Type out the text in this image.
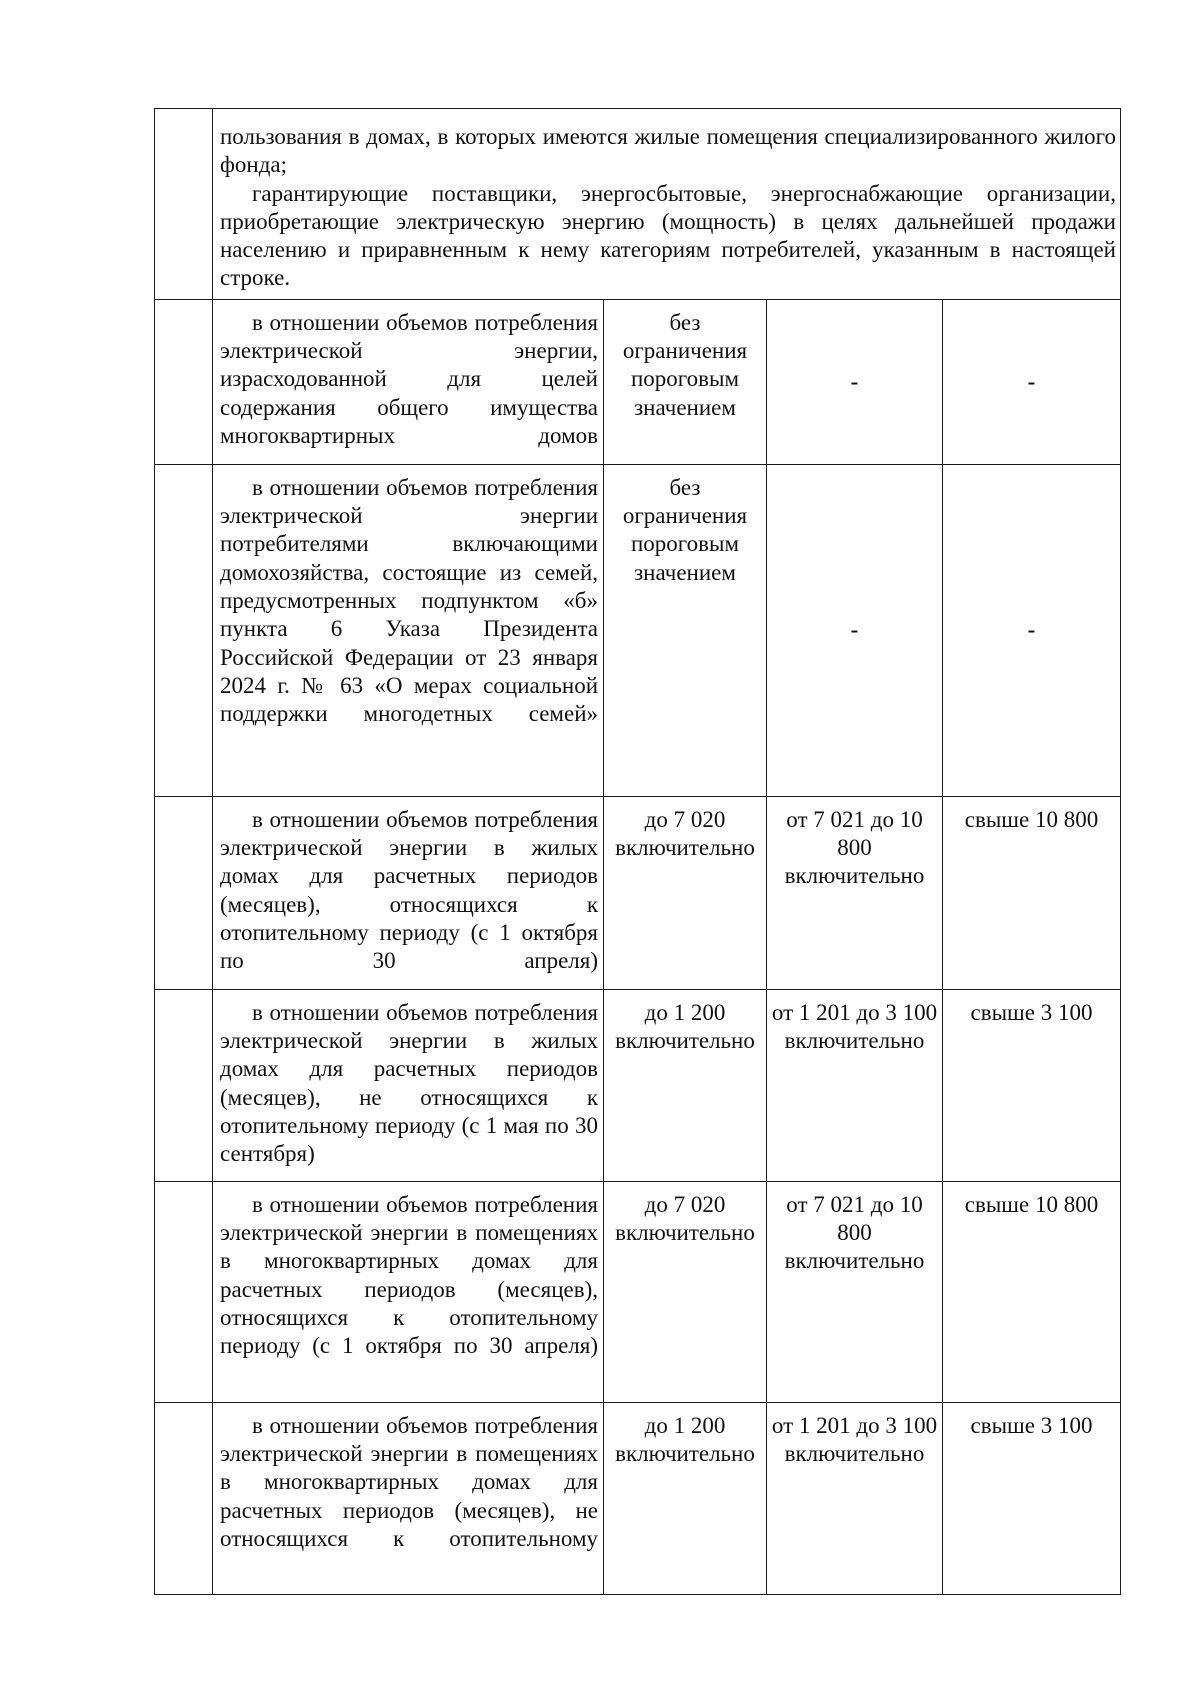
	пользования в домах, в которых имеются жилые помещения специализированного жилого фонда;

гарантирующие поставщики, энергосбытовые, энергоснабжающие организации, приобретающие электрическую энергию (мощность) в целях дальнейшей продажи населению и приравненным к нему категориям потребителей, указанным в настоящей строке.			

	в отношении объемов потребления электрической энергии, израсходованной для целей содержания общего имущества многоквартирных домов	без ограничения пороговым значением	-	-
	в отношении объемов потребления электрической энергии потребителями включающими домохозяйства, состоящие из семей, предусмотренных подпунктом «б» пункта 6 Указа Президента Российской Федерации от 23 января 2024 г. № 63 «О мерах социальной поддержки многодетных семей»	без ограничения пороговым значением	-	-
	в отношении объемов потребления электрической энергии в жилых домах для расчетных периодов (месяцев), относящихся к отопительному периоду (с 1 октября по 30 апреля)	до 7 020 включительно	от 7 021 до 10 800 включительно	свыше 10 800
	в отношении объемов потребления электрической энергии в жилых домах для расчетных периодов (месяцев), не относящихся к отопительному периоду (с 1 мая по 30 сентября)	до 1 200 включительно	от 1 201 до 3 100 включительно	свыше 3 100
	в отношении объемов потребления электрической энергии в помещениях в многоквартирных домах для расчетных периодов (месяцев), относящихся к отопительному периоду (с 1 октября по 30 апреля)	до 7 020 включительно	от 7 021 до 10 800 включительно	свыше 10 800
	в отношении объемов потребления электрической энергии в помещениях в многоквартирных домах для расчетных периодов (месяцев), не относящихся к отопительному	до 1 200 включительно	от 1 201 до 3 100 включительно	свыше 3 100
